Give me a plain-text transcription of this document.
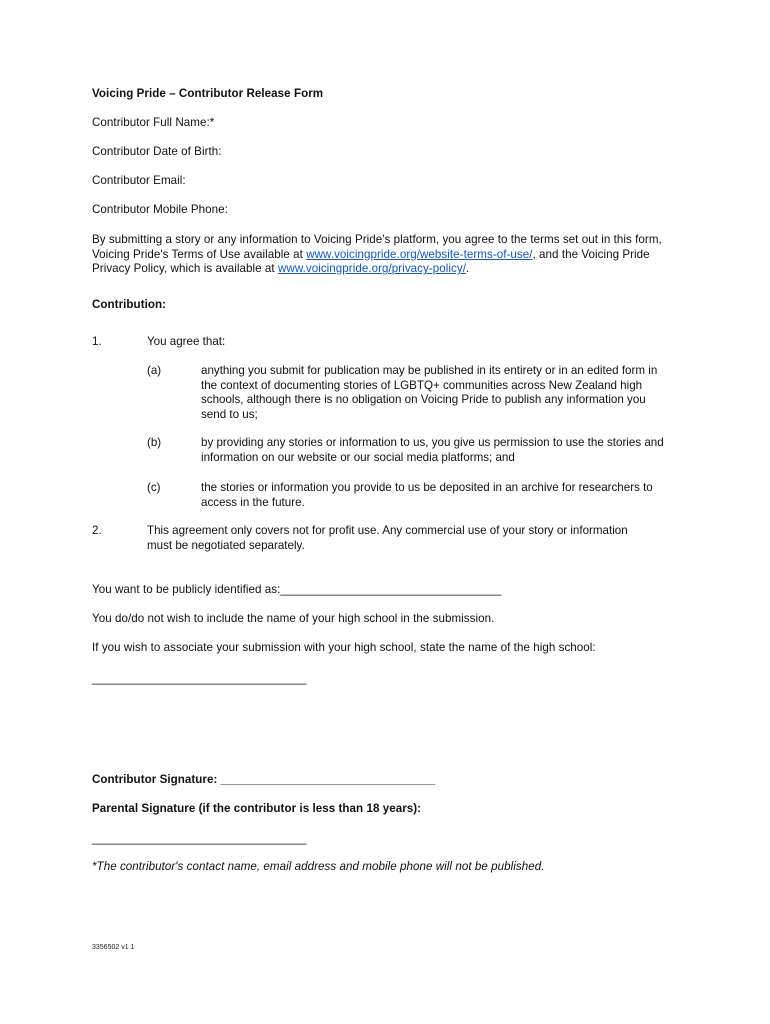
Voicing Pride – Contributor Release Form
Contributor Full Name:*
Contributor Date of Birth:
Contributor Email:
Contributor Mobile Phone:
By submitting a story or any information to Voicing Pride's platform, you agree to the terms set out in this form, Voicing Pride's Terms of Use available at www.voicingpride.org/website-terms-of-use/, and the Voicing Pride Privacy Policy, which is available at www.voicingpride.org/privacy-policy/.
Contribution:
1.	You agree that:
(a)	anything you submit for publication may be published in its entirety or in an edited form in the context of documenting stories of LGBTQ+ communities across New Zealand high schools, although there is no obligation on Voicing Pride to publish any information you send to us;
(b)	by providing any stories or information to us, you give us permission to use the stories and information on our website or our social media platforms; and
(c)	the stories or information you provide to us be deposited in an archive for researchers to access in the future.
2.	This agreement only covers not for profit use. Any commercial use of your story or information must be negotiated separately.
You want to be publicly identified as:__________________________________
You do/do not wish to include the name of your high school in the submission.
If you wish to associate your submission with your high school, state the name of the high school:
_________________________________
Contributor Signature: _________________________________
Parental Signature (if the contributor is less than 18 years):
_________________________________
*The contributor's contact name, email address and mobile phone will not be published.
3356502 v1 1
